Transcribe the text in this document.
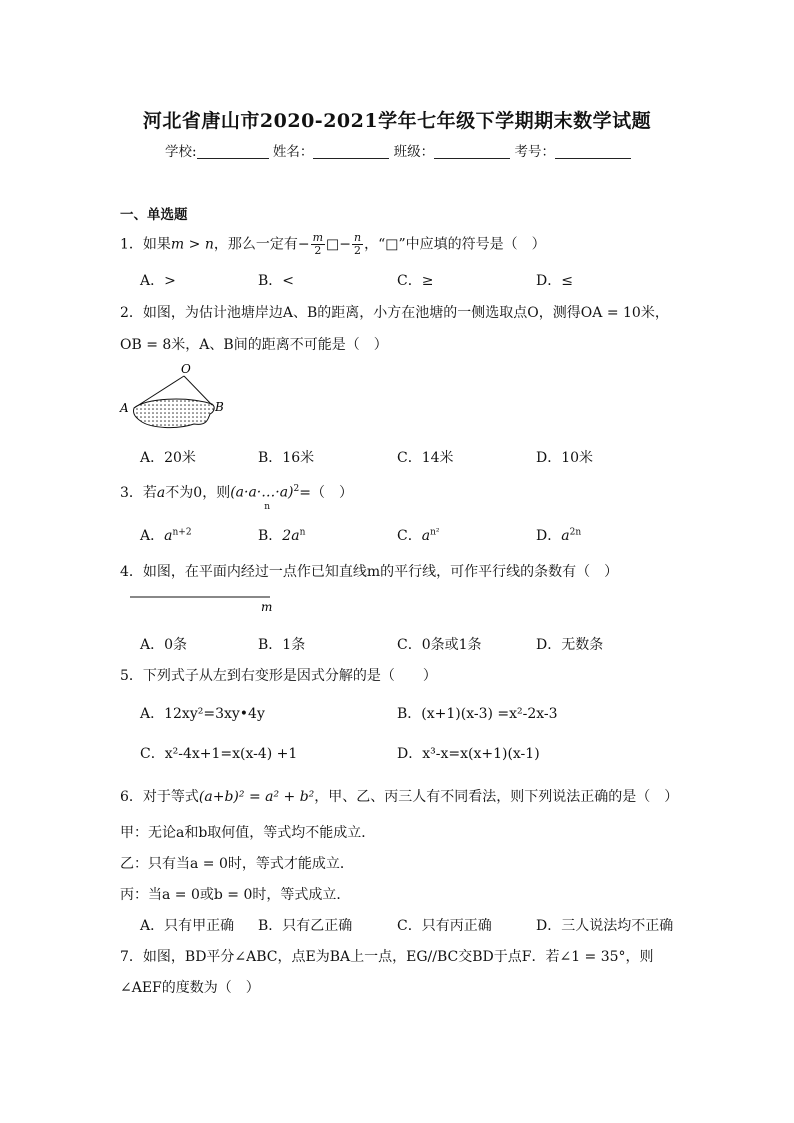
河北省唐山市2020-2021学年七年级下学期期末数学试题
学校:	姓名：	班级：	考号：
一、单选题
1．如果m > n，那么一定有− $\frac{m}{2}$ □− $\frac{n}{2}$ ，“□”中应填的符号是（　）
A．>	B．<	C．≥	D．≤
2．如图，为估计池塘岸边A、B的距离，小方在池塘的一侧选取点O，测得OA = 10米，
OB = 8米，A、B间的距离不可能是（　）
O
A	B
A．20米	B．16米	C．14米	D．10米
3．若a不为0，则(a·a·…·a)$^2$
n
=（　）
A．$a^{n+2}$	B．$2a^n$	C．$a^{n^2}$	D．$a^{2n}$
4．如图，在平面内经过一点作已知直线m的平行线，可作平行线的条数有（　）
m
A．0条	B．1条	C．0条或1条	D．无数条
5．下列式子从左到右变形是因式分解的是（　　）
A．12xy²=3xy•4y	B．(x+1)(x-3) =x²-2x-3
C．x²-4x+1=x(x-4) +1	D．x³-x=x(x+1)(x-1)
6．对于等式(a+b)² = a² + b²，甲、乙、丙三人有不同看法，则下列说法正确的是（　）
甲：无论a和b取何值，等式均不能成立．
乙：只有当a = 0时，等式才能成立．
丙：当a = 0或b = 0时，等式成立．
A．只有甲正确 B．只有乙正确	C．只有丙正确	D．三人说法均不正确
7．如图，BD平分∠ABC，点E为BA上一点，EG//BC交BD于点F．若∠1 = 35°，则
∠AEF的度数为（　）
